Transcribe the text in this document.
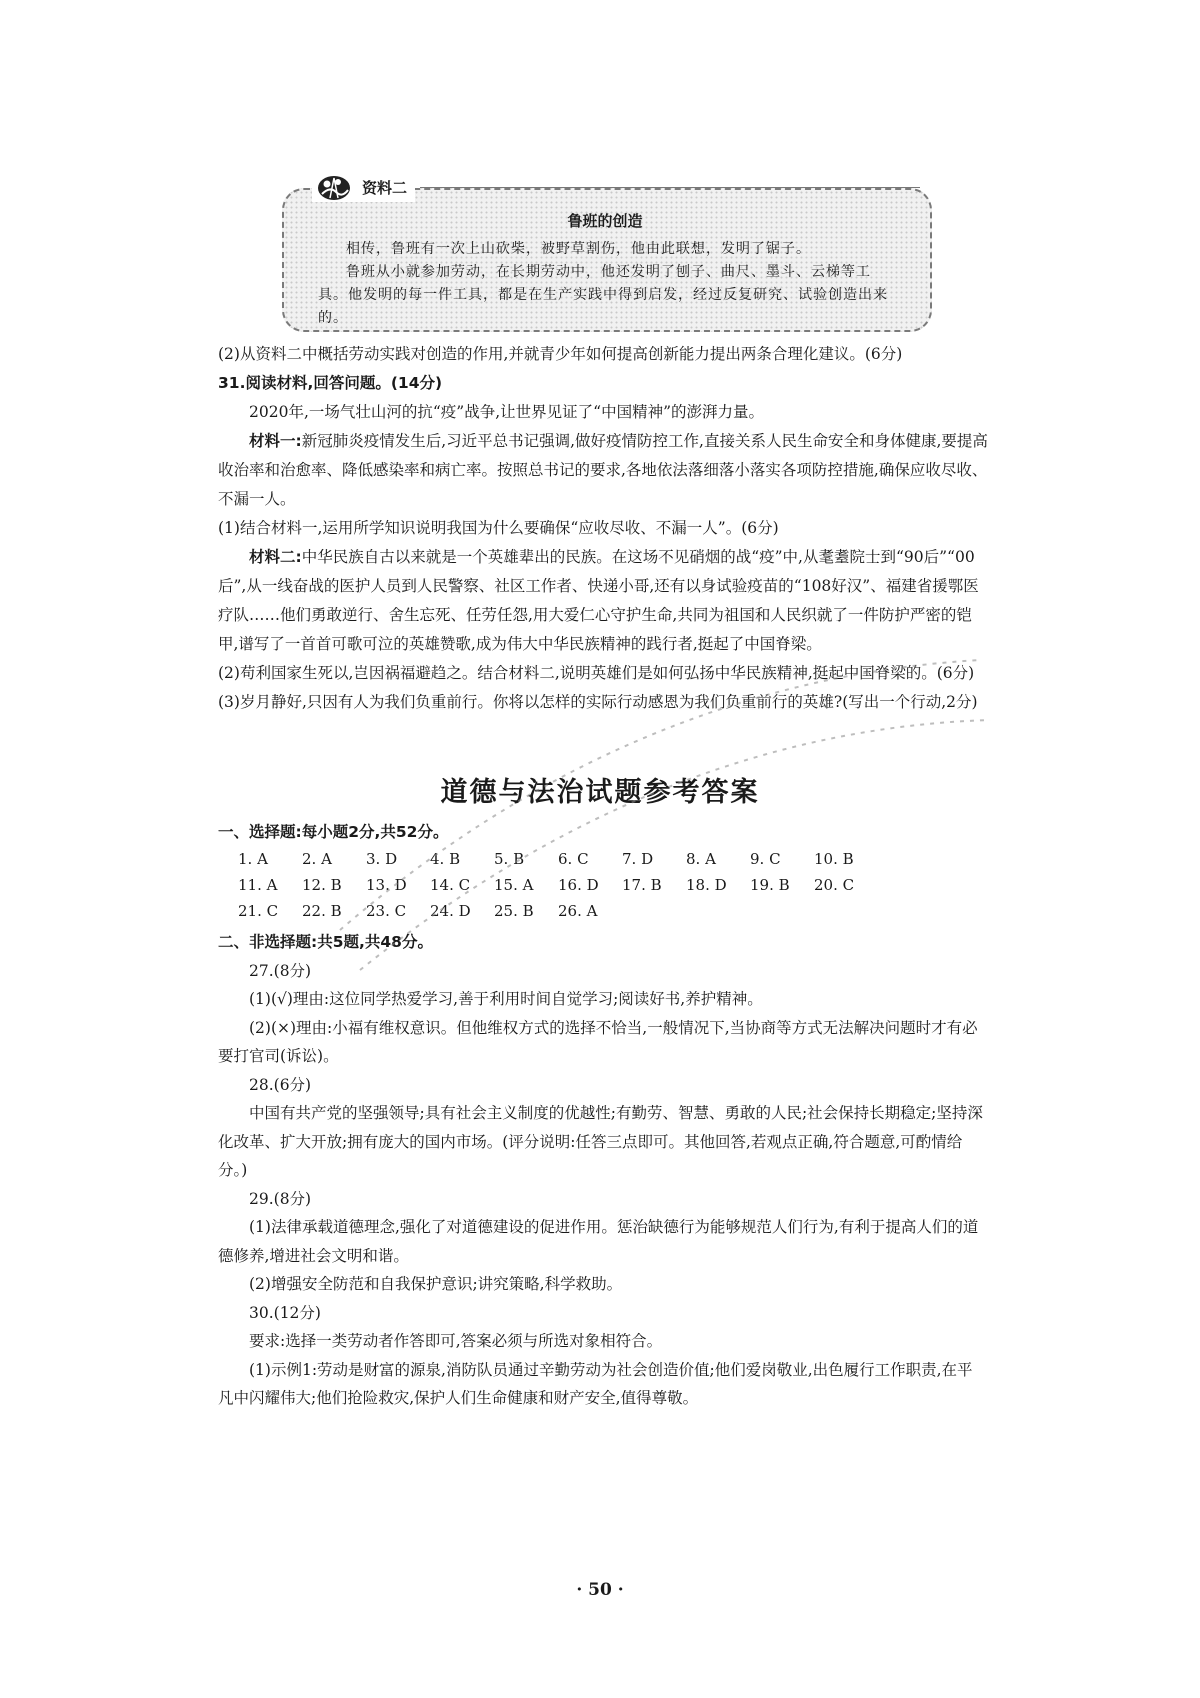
资料二
鲁班的创造

相传，鲁班有一次上山砍柴，被野草割伤，他由此联想，发明了锯子。

鲁班从小就参加劳动，在长期劳动中，他还发明了刨子、曲尺、墨斗、云梯等工具。他发明的每一件工具，都是在生产实践中得到启发，经过反复研究、试验创造出来的。

(2)从资料二中概括劳动实践对创造的作用,并就青少年如何提高创新能力提出两条合理化建议。(6分)

31.阅读材料,回答问题。(14分)

2020年,一场气壮山河的抗“疫”战争,让世界见证了“中国精神”的澎湃力量。

材料一:新冠肺炎疫情发生后,习近平总书记强调,做好疫情防控工作,直接关系人民生命安全和身体健康,要提高收治率和治愈率、降低感染率和病亡率。按照总书记的要求,各地依法落细落小落实各项防控措施,确保应收尽收、不漏一人。

(1)结合材料一,运用所学知识说明我国为什么要确保“应收尽收、不漏一人”。(6分)

材料二:中华民族自古以来就是一个英雄辈出的民族。在这场不见硝烟的战“疫”中,从耄耋院士到“90后”“00后”,从一线奋战的医护人员到人民警察、社区工作者、快递小哥,还有以身试验疫苗的“108好汉”、福建省援鄂医疗队……他们勇敢逆行、舍生忘死、任劳任怨,用大爱仁心守护生命,共同为祖国和人民织就了一件防护严密的铠甲,谱写了一首首可歌可泣的英雄赞歌,成为伟大中华民族精神的践行者,挺起了中国脊梁。

(2)苟利国家生死以,岂因祸福避趋之。结合材料二,说明英雄们是如何弘扬中华民族精神,挺起中国脊梁的。(6分)

(3)岁月静好,只因有人为我们负重前行。你将以怎样的实际行动感恩为我们负重前行的英雄?(写出一个行动,2分)

道德与法治试题参考答案

一、选择题:每小题2分,共52分。

1. A	2. A	3. D	4. B	5. B	6. C	7. D	8. A	9. C	10. B
11. A	12. B	13. D	14. C	15. A	16. D	17. B	18. D	19. B	20. C
21. C	22. B	23. C	24. D	25. B	26. A

二、非选择题:共5题,共48分。

27.(8分)

(1)(√)理由:这位同学热爱学习,善于利用时间自觉学习;阅读好书,养护精神。

(2)(×)理由:小福有维权意识。但他维权方式的选择不恰当,一般情况下,当协商等方式无法解决问题时才有必要打官司(诉讼)。

28.(6分)

中国有共产党的坚强领导;具有社会主义制度的优越性;有勤劳、智慧、勇敢的人民;社会保持长期稳定;坚持深化改革、扩大开放;拥有庞大的国内市场。(评分说明:任答三点即可。其他回答,若观点正确,符合题意,可酌情给分。)

29.(8分)

(1)法律承载道德理念,强化了对道德建设的促进作用。惩治缺德行为能够规范人们行为,有利于提高人们的道德修养,增进社会文明和谐。

(2)增强安全防范和自我保护意识;讲究策略,科学救助。

30.(12分)

要求:选择一类劳动者作答即可,答案必须与所选对象相符合。

(1)示例1:劳动是财富的源泉,消防队员通过辛勤劳动为社会创造价值;他们爱岗敬业,出色履行工作职责,在平凡中闪耀伟大;他们抢险救灾,保护人们生命健康和财产安全,值得尊敬。

· 50 ·
